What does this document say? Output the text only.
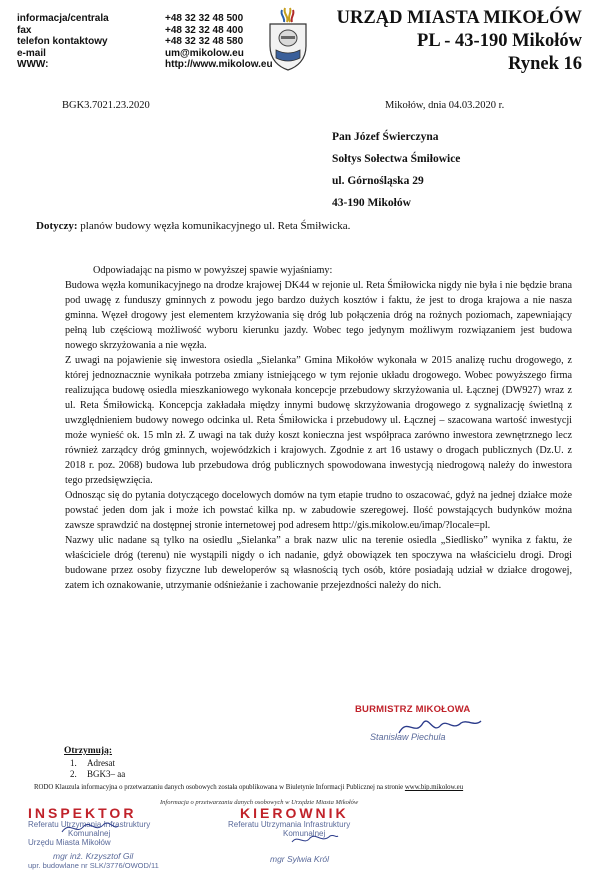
informacja/centrala
fax
telefon kontaktowy
e-mail
WWW:
+48 32 32 48 500
+48 32 32 48 400
+48 32 32 48 580
um@mikolow.eu
http://www.mikolow.eu
URZĄD MIASTA MIKOŁÓW
PL - 43-190 Mikołów
Rynek 16
BGK3.7021.23.2020	Mikołów, dnia 04.03.2020 r.
Pan Józef Świerczyna
Sołtys Sołectwa Śmiłowice
ul. Górnośląska 29
43-190 Mikołów
Dotyczy: planów budowy węzła komunikacyjnego ul. Reta Śmiłwicka.

Odpowiadając na pismo w powyższej spawie wyjaśniamy:

Budowa węzła komunikacyjnego na drodze krajowej DK44 w rejonie ul. Reta Śmiłowicka nigdy nie była i nie będzie brana pod uwagę z funduszy gminnych z powodu jego bardzo dużych kosztów i faktu, że jest to droga krajowa a nie nasza gminna. Węzeł drogowy jest elementem krzyżowania się dróg lub połączenia dróg na rożnych poziomach, zapewniający pełną lub częściową możliwość wyboru kierunku jazdy. Wobec tego jedynym możliwym rozwiązaniem jest budowa nowego skrzyżowania a nie węzła.

Z uwagi na pojawienie się inwestora osiedla „Sielanka” Gmina Mikołów wykonała w 2015 analizę ruchu drogowego, z której jednoznacznie wynikała potrzeba zmiany istniejącego w tym rejonie układu drogowego. Wobec powyższego firma realizująca budowę osiedla mieszkaniowego wykonała koncepcje przebudowy skrzyżowania ul. Łącznej (DW927) wraz z ul. Reta Śmiłowicką. Koncepcja zakładała między innymi budowę skrzyżowania drogowego z sygnalizację świetlną z uwzględnieniem budowy nowego odcinka ul. Reta Śmiłowicka i przebudowy ul. Łącznej – szacowana wartość inwestycji może wynieść ok. 15 mln zł. Z uwagi na tak duży koszt konieczna jest współpraca zarówno inwestora zewnętrznego lecz również zarządcy dróg gminnych, wojewódzkich i krajowych. Zgodnie z art 16 ustawy o drogach publicznych (Dz.U. z 2018 r. poz. 2068) budowa lub przebudowa dróg publicznych spowodowana inwestycją niedrogową należy do inwestora tego przedsięwzięcia.

Odnosząc się do pytania dotyczącego docelowych domów na tym etapie trudno to oszacować, gdyż na jednej działce może powstać jeden dom jak i może ich powstać kilka np. w zabudowie szeregowej. Ilość powstających budynków można zawsze sprawdzić na dostępnej stronie internetowej pod adresem http://gis.mikolow.eu/imap/?locale=pl.

Nazwy ulic nadane są tylko na osiedlu „Sielanka” a brak nazw ulic na terenie osiedla „Siedlisko” wynika z faktu, że właściciele dróg (terenu) nie wystąpili nigdy o ich nadanie, gdyż obowiązek ten spoczywa na właścicielu drogi. Drogi budowane przez osoby fizyczne lub deweloperów są własnością tych osób, które posiadają udział w działce drogowej, zatem ich oznakowanie, utrzymanie odśnieżanie i zachowanie przejezdności należy do nich.

BURMISTRZ MIKOŁOWA
Stanisław Piechula
Otrzymują:
1. Adresat
2. BGK3– aa
RODO Klauzula informacyjna o przetwarzaniu danych osobowych została opublikowana w Biuletynie Informacji Publicznej na stronie www.bip.mikolow.eu
Informacja o przetwarzaniu danych osobowych w Urzędzie Miasta Mikołów
INSPEKTOR
Referatu Utrzymania Infrastruktury
Komunalnej
Urzędu Miasta Mikołów
mgr inż. Krzysztof Gil
upr. budowlane nr SLK/3776/OWOD/11
KIEROWNIK
Referatu Utrzymania Infrastruktury
Komunalnej
mgr Sylwia Król
